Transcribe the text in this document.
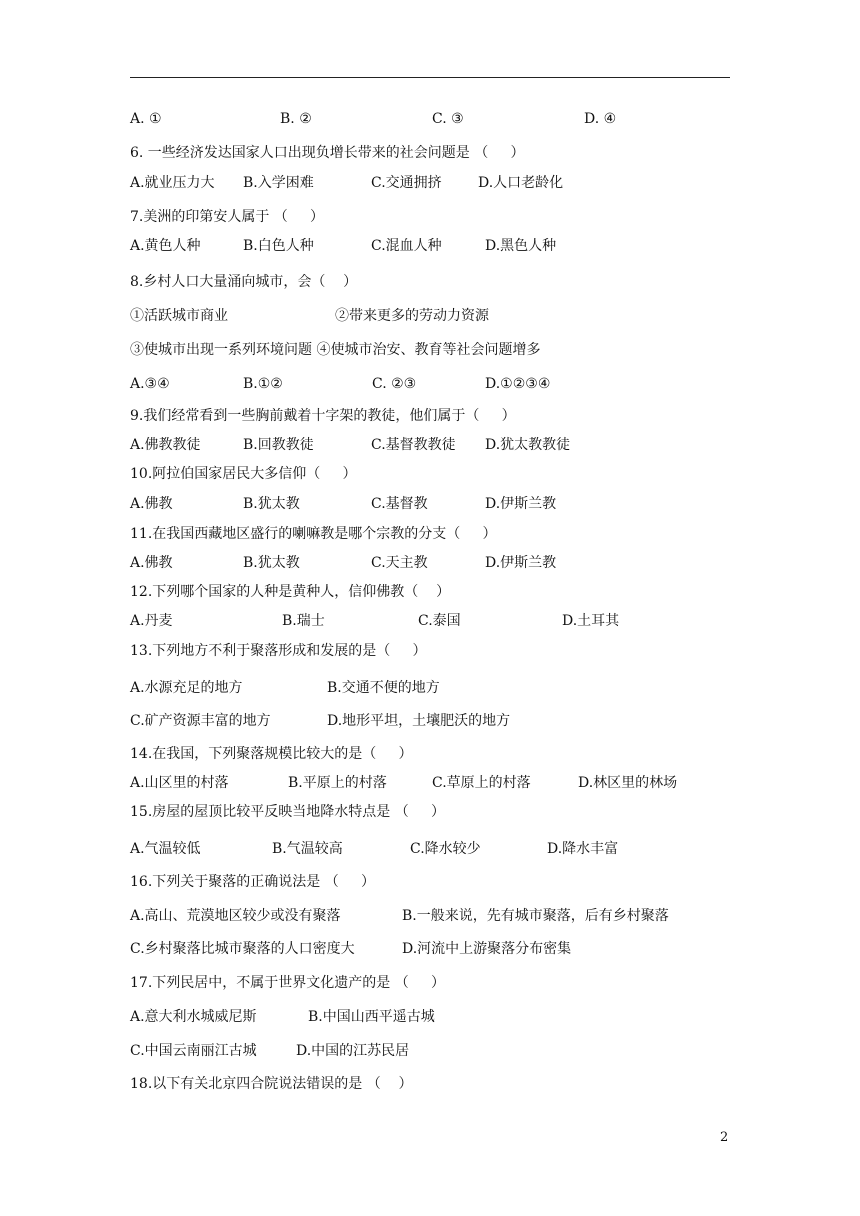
A. ①

	B. ②

	C. ③

	D. ④

6. 一些经济发达国家人口出现负增长带来的社会问题是 （     ）

A.就业压力大

B.入学困难

	C.交通拥挤

	D.人口老龄化

7.美洲的印第安人属于 （     ）

A.黄色人种

	B.白色人种

	C.混血人种

	D.黑色人种

8.乡村人口大量涌向城市，会（    ）

①活跃城市商业

	②带来更多的劳动力资源

③使城市出现一系列环境问题 ④使城市治安、教育等社会问题增多

A.③④

	B.①②

	C. ②③

	D.①②③④

9.我们经常看到一些胸前戴着十字架的教徒，他们属于（     ）

A.佛教教徒

	B.回教教徒

	C.基督教教徒

D.犹太教教徒

10.阿拉伯国家居民大多信仰（     ）

A.佛教

	B.犹太教

	C.基督教

	D.伊斯兰教

11.在我国西藏地区盛行的喇嘛教是哪个宗教的分支（     ）

A.佛教

	B.犹太教

	C.天主教

	D.伊斯兰教

12.下列哪个国家的人种是黄种人，信仰佛教（    ）

A.丹麦

	B.瑞士

	C.泰国

	D.土耳其

13.下列地方不利于聚落形成和发展的是（     ）

A.水源充足的地方

	B.交通不便的地方

C.矿产资源丰富的地方

	D.地形平坦，土壤肥沃的地方

14.在我国，下列聚落规模比较大的是（     ）

A.山区里的村落

	B.平原上的村落

	C.草原上的村落

	D.林区里的林场

15.房屋的屋顶比较平反映当地降水特点是 （     ）

A.气温较低

	B.气温较高

	C.降水较少

	D.降水丰富

16.下列关于聚落的正确说法是 （     ）

A.高山、荒漠地区较少或没有聚落

	B.一般来说，先有城市聚落，后有乡村聚落

C.乡村聚落比城市聚落的人口密度大

	D.河流中上游聚落分布密集

17.下列民居中，不属于世界文化遗产的是 （     ）

A.意大利水城威尼斯

	B.中国山西平遥古城

C.中国云南丽江古城

	D.中国的江苏民居

18.以下有关北京四合院说法错误的是 （    ）

2
